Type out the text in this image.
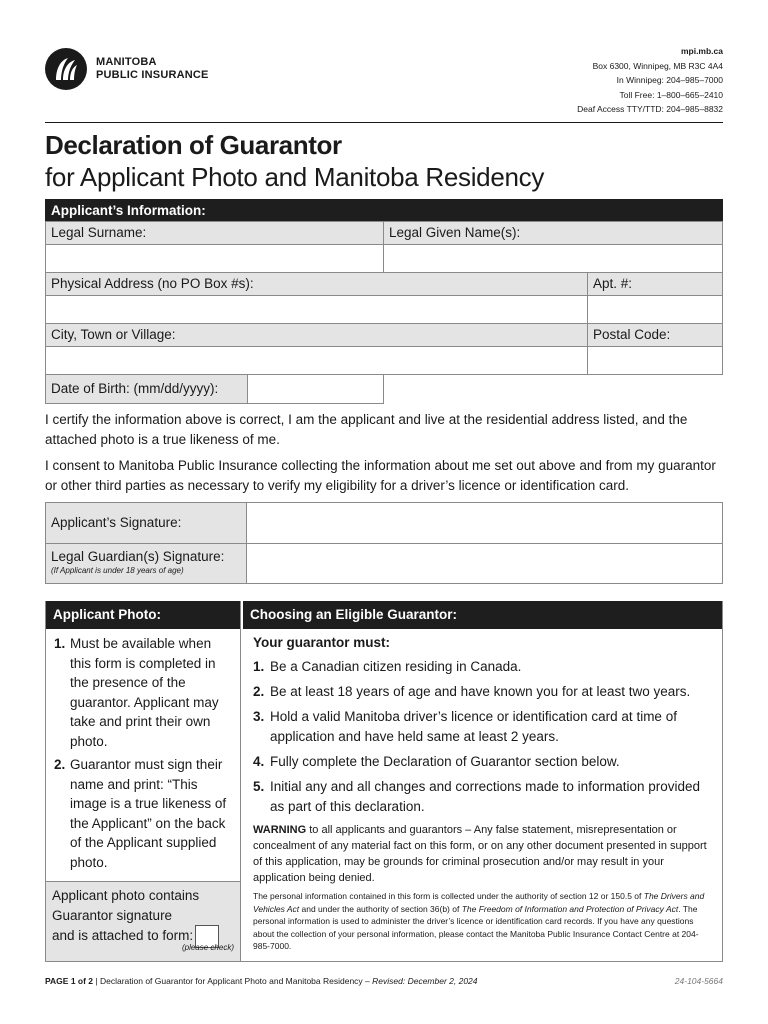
MANITOBA
PUBLIC INSURANCE
mpi.mb.ca
Box 6300, Winnipeg, MB R3C 4A4
In Winnipeg: 204–985–7000
Toll Free: 1–800–665–2410
Deaf Access TTY/TTD: 204–985–8832
Declaration of Guarantor
for Applicant Photo and Manitoba Residency
Applicant’s Information:
Legal Surname:	Legal Given Name(s):
Physical Address (no PO Box #s):	Apt. #:
City, Town or Village:	Postal Code:
Date of Birth: (mm/dd/yyyy):
I certify the information above is correct, I am the applicant and live at the residential address listed, and the attached photo is a true likeness of me.
I consent to Manitoba Public Insurance collecting the information about me set out above and from my guarantor or other third parties as necessary to verify my eligibility for a driver’s licence or identification card.
Applicant’s Signature:
Legal Guardian(s) Signature:
(If Applicant is under 18 years of age)
Applicant Photo:
1. Must be available when this form is completed in the presence of the guarantor. Applicant may take and print their own photo.
2. Guarantor must sign their name and print: “This image is a true likeness of the Applicant” on the back of the Applicant supplied photo.
Applicant photo contains Guarantor signature
and is attached to form:
(please check)
Choosing an Eligible Guarantor:
Your guarantor must:
1. Be a Canadian citizen residing in Canada.
2. Be at least 18 years of age and have known you for at least two years.
3. Hold a valid Manitoba driver’s licence or identification card at time of application and have held same at least 2 years.
4. Fully complete the Declaration of Guarantor section below.
5. Initial any and all changes and corrections made to information provided as part of this declaration.
WARNING to all applicants and guarantors – Any false statement, misrepresentation or concealment of any material fact on this form, or on any other document presented in support of this application, may be grounds for criminal prosecution and/or may result in your application being denied.
The personal information contained in this form is collected under the authority of section 12 or 150.5 of The Drivers and Vehicles Act and under the authority of section 36(b) of The Freedom of Information and Protection of Privacy Act. The personal information is used to administer the driver’s licence or identification card records. If you have any questions about the collection of your personal information, please contact the Manitoba Public Insurance Contact Centre at 204-985-7000.
PAGE 1 of 2 | Declaration of Guarantor for Applicant Photo and Manitoba Residency – Revised: December 2, 2024	24-104-5664
